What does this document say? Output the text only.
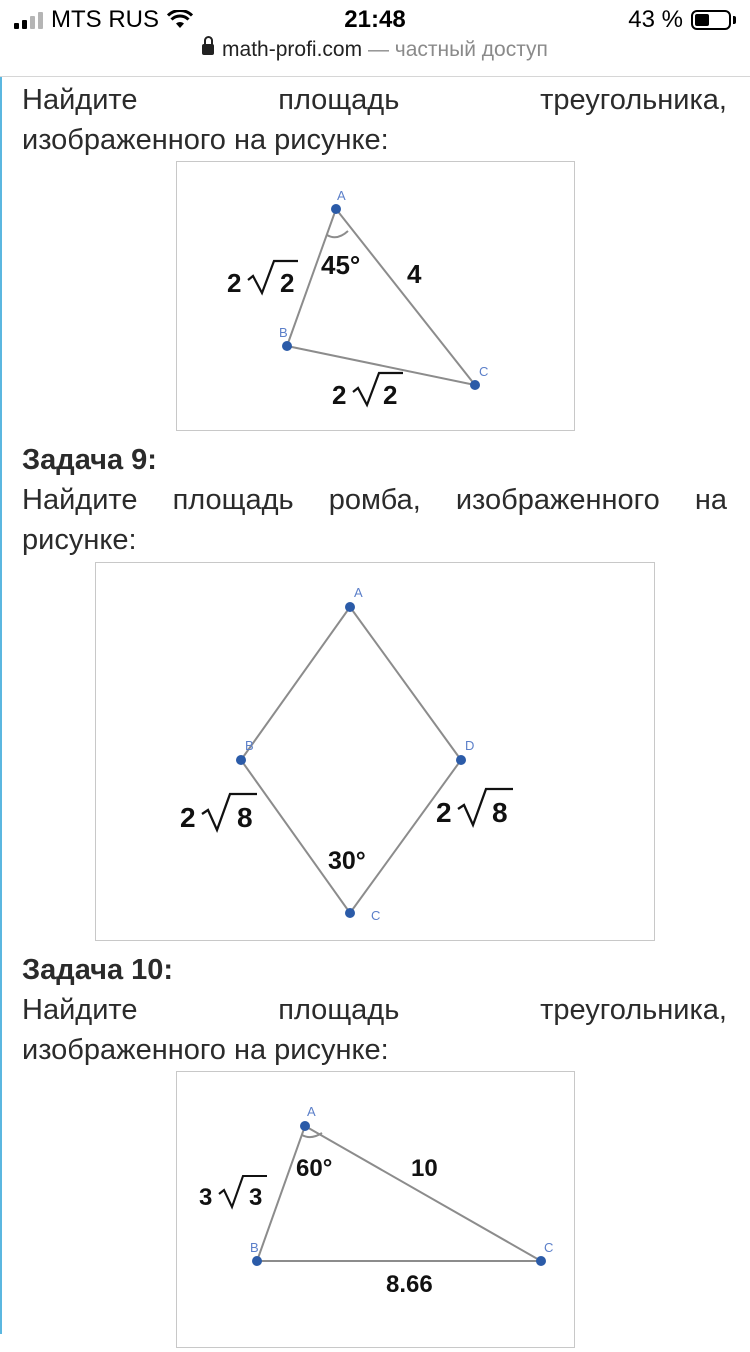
MTS RUS	21:48	43 %
math-profi.com — частный доступ
Найдите	площадь	треугольника,
изображенного на рисунке:
Задача 9:
Найдите площадь ромба, изображенного на
рисунке:
Задача 10:
Найдите	площадь	треугольника,
изображенного на рисунке:
A
B
C
45° 4
2 2
2 2
A
B
C
D
30°
2 8	2 8
A
B	C
60°	10
8.66
3 3
